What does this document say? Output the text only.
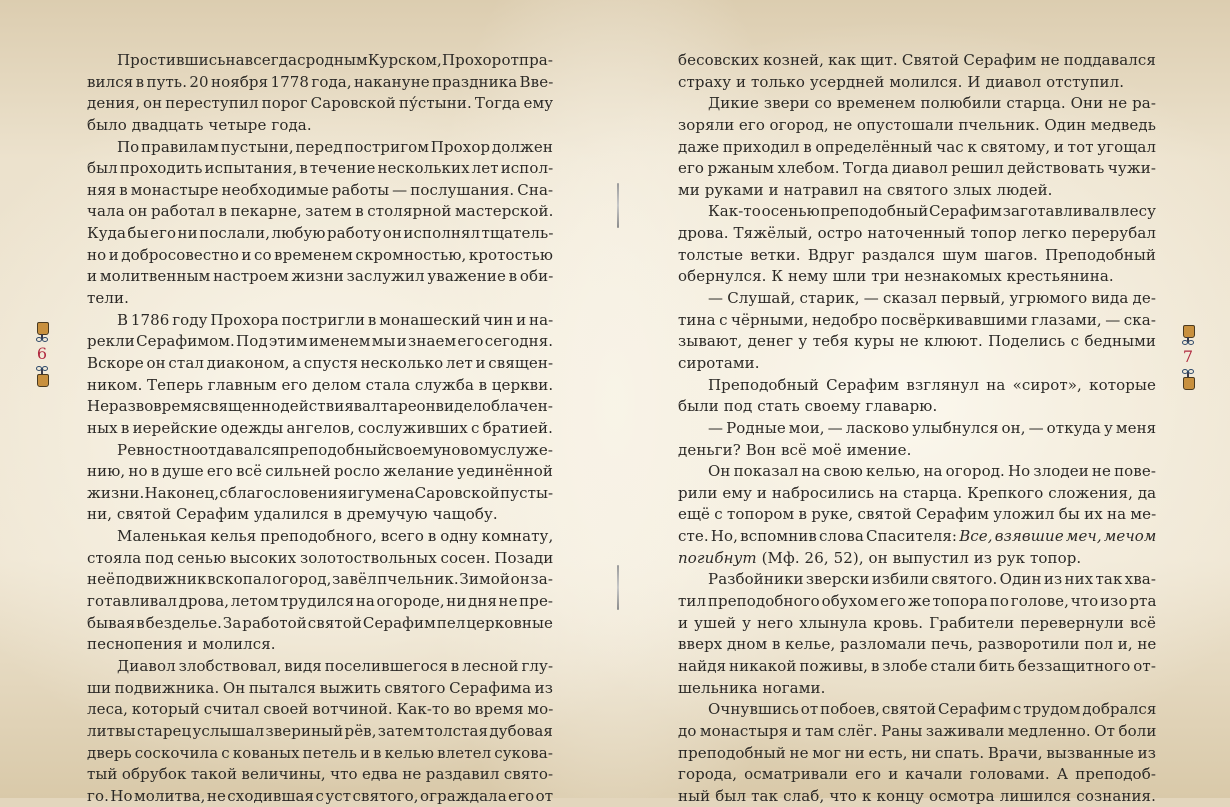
Простившись навсегда с родным Курском, Прохор отпра-
вился в путь. 20 ноября 1778 года, накануне праздника Вве-
дения, он переступил порог Саровской пу́стыни. Тогда ему
было двадцать четыре года.
По правилам пустыни, перед постригом Прохор должен
был проходить испытания, в течение нескольких лет испол-
няя в монастыре необходимые работы — послушания. Сна-
чала он работал в пекарне, затем в столярной мастерской.
Куда бы его ни послали, любую работу он исполнял тщатель-
но и добросовестно и со временем скромностью, кротостью
и молитвенным настроем жизни заслужил уважение в оби-
тели.
В 1786 году Прохора постригли в монашеский чин и на-
рекли Серафимом. Под этим именем мы и знаем его сегодня.
Вскоре он стал диаконом, а спустя несколько лет и священ-
ником. Теперь главным его делом стала служба в церкви.
Не раз во время священнодействия в алтаре он видел облачен-
ных в иерейские одежды ангелов, сослуживших с братией.
Ревностно отдавался преподобный своему новому служе-
нию, но в душе его всё сильней росло желание уединённой
жизни. Наконец, с благословения игумена Саровской пусты-
ни, святой Серафим удалился в дремучую чащобу.
Маленькая келья преподобного, всего в одну комнату,
стояла под сенью высоких золотоствольных сосен. Позади
неё подвижник вскопал огород, завёл пчельник. Зимой он за-
готавливал дрова, летом трудился на огороде, ни дня не пре-
бывая в безделье. За работой святой Серафим пел церковные
песнопения и молился.
Диавол злобствовал, видя поселившегося в лесной глу-
ши подвижника. Он пытался выжить святого Серафима из
леса, который считал своей вотчиной. Как-то во время мо-
литвы старец услышал звериный рёв, затем толстая дубовая
дверь соскочила с кованых петель и в келью влетел сукова-
тый обрубок такой величины, что едва не раздавил свято-
го. Но молитва, не сходившая с уст святого, ограждала его от
бесовских козней, как щит. Святой Серафим не поддавался
страху и только усердней молился. И диавол отступил.
Дикие звери со временем полюбили старца. Они не ра-
зоряли его огород, не опустошали пчельник. Один медведь
даже приходил в определённый час к святому, и тот угощал
его ржаным хлебом. Тогда диавол решил действовать чужи-
ми руками и натравил на святого злых людей.
Как-то осенью преподобный Серафим заготавливал в лесу
дрова. Тяжёлый, остро наточенный топор легко перерубал
толстые ветки. Вдруг раздался шум шагов. Преподобный
обернулся. К нему шли три незнакомых крестьянина.
— Слушай, старик, — сказал первый, угрюмого вида де-
тина с чёрными, недобро посвёркивавшими глазами, — ска-
зывают, денег у тебя куры не клюют. Поделись с бедными
сиротами.
Преподобный Серафим взглянул на «сирот», которые
были под стать своему главарю.
— Родные мои, — ласково улыбнулся он, — откуда у меня
деньги? Вон всё моё имение.
Он показал на свою келью, на огород. Но злодеи не пове-
рили ему и набросились на старца. Крепкого сложения, да
ещё с топором в руке, святой Серафим уложил бы их на ме-
сте. Но, вспомнив слова Спасителя: Все, взявшие меч, мечом
погибнут (Мф. 26, 52), он выпустил из рук топор.
Разбойники зверски избили святого. Один из них так хва-
тил преподобного обухом его же топора по голове, что изо рта
и ушей у него хлынула кровь. Грабители перевернули всё
вверх дном в келье, разломали печь, разворотили пол и, не
найдя никакой поживы, в злобе стали бить беззащитного от-
шельника ногами.
Очнувшись от побоев, святой Серафим с трудом добрался
до монастыря и там слёг. Раны заживали медленно. От боли
преподобный не мог ни есть, ни спать. Врачи, вызванные из
города, осматривали его и качали головами. А преподоб-
ный был так слаб, что к концу осмотра лишился сознания.
6	7
